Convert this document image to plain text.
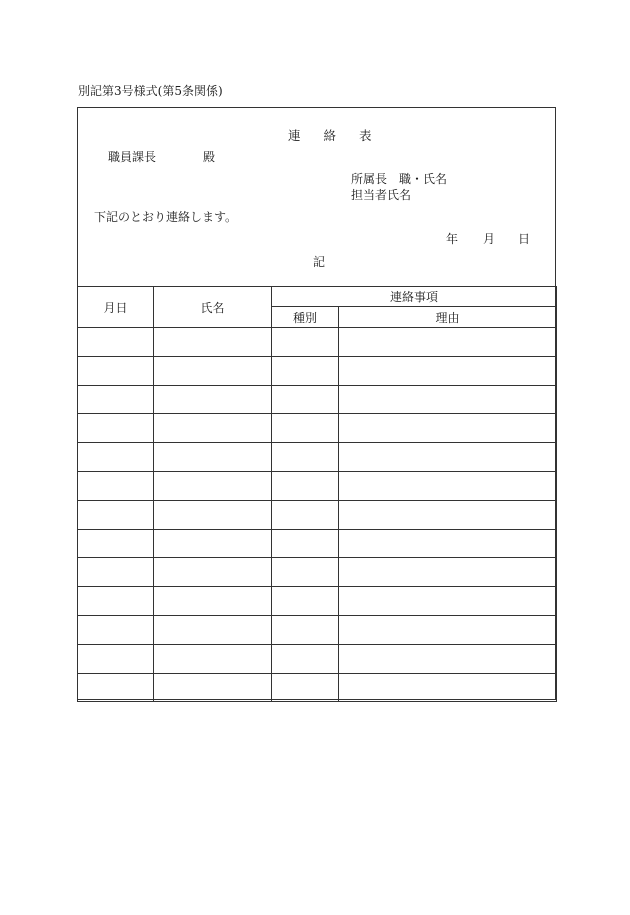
別記第3号様式(第5条関係)
連 絡 表
職員課長	殿
所属長　職・氏名
担当者氏名
下記のとおり連絡します。
年 月 日
記
月日	氏名	連絡事項	
		種別	理由
